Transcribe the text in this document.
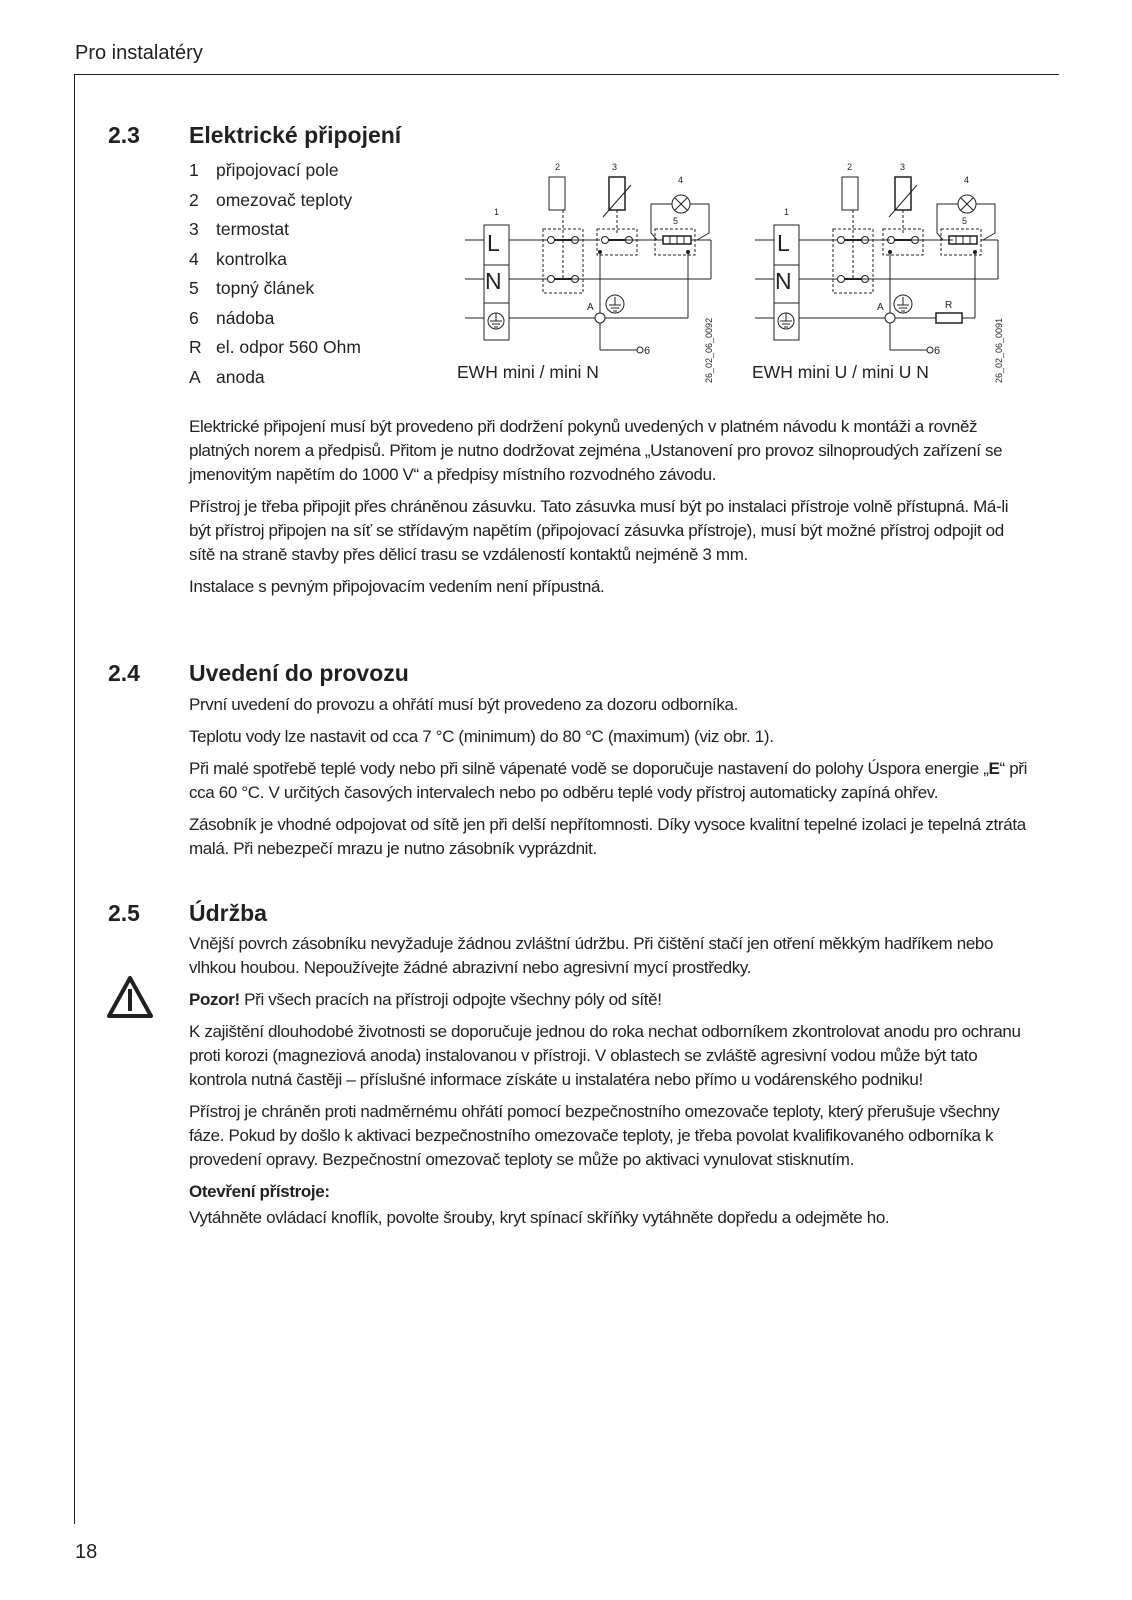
Pro instalatéry
2.3 Elektrické připojení
1 připojovací pole
2 omezovač teploty
3 termostat
4 kontrolka
5 topný článek
6 nádoba
R el. odpor 560 Ohm
A anoda
1
2	3
4
5
A
6
L
N
26_02_06_0092
EWH mini / mini N
1
2	3
4
5
A	R
6
L
N
26_02_06_0091
EWH mini U / mini U N

Elektrické připojení musí být provedeno při dodržení pokynů uvedených v platném návodu k montáži a rovněž platných norem a předpisů. Přitom je nutno dodržovat zejména „Ustanovení pro provoz silnoproudých zařízení se jmenovitým napětím do 1000 V“ a předpisy místního rozvodného závodu.

Přístroj je třeba připojit přes chráněnou zásuvku. Tato zásuvka musí být po instalaci přístroje volně přístupná. Má-li být přístroj připojen na síť se střídavým napětím (připojovací zásuvka přístroje), musí být možné přístroj odpojit od sítě na straně stavby přes dělicí trasu se vzdáleností kontaktů nejméně 3 mm.

Instalace s pevným připojovacím vedením není přípustná.

2.4 Uvedení do provozu

První uvedení do provozu a ohřátí musí být provedeno za dozoru odborníka.

Teplotu vody lze nastavit od cca 7 °C (minimum) do 80 °C (maximum) (viz obr. 1).

Při malé spotřebě teplé vody nebo při silně vápenaté vodě se doporučuje nastavení do polohy Úspora energie „E“ při cca 60 °C. V určitých časových intervalech nebo po odběru teplé vody přístroj automaticky zapíná ohřev.

Zásobník je vhodné odpojovat od sítě jen při delší nepřítomnosti. Díky vysoce kvalitní tepelné izolaci je tepelná ztráta malá. Při nebezpečí mrazu je nutno zásobník vyprázdnit.

2.5 Údržba

Vnější povrch zásobníku nevyžaduje žádnou zvláštní údržbu. Při čištění stačí jen otření měkkým hadříkem nebo vlhkou houbou. Nepoužívejte žádné abrazivní nebo agresivní mycí prostředky.

Pozor! Při všech pracích na přístroji odpojte všechny póly od sítě!

K zajištění dlouhodobé životnosti se doporučuje jednou do roka nechat odborníkem zkontrolovat anodu pro ochranu proti korozi (magneziová anoda) instalovanou v přístroji. V oblastech se zvláště agresivní vodou může být tato kontrola nutná častěji – příslušné informace získáte u instalatéra nebo přímo u vodárenského podniku!

Přístroj je chráněn proti nadměrnému ohřátí pomocí bezpečnostního omezovače teploty, který přerušuje všechny fáze. Pokud by došlo k aktivaci bezpečnostního omezovače teploty, je třeba povolat kvalifikovaného odborníka k provedení opravy. Bezpečnostní omezovač teploty se může po aktivaci vynulovat stisknutím.

Otevření přístroje:

Vytáhněte ovládací knoflík, povolte šrouby, kryt spínací skříňky vytáhněte dopředu a odejměte ho.

18
